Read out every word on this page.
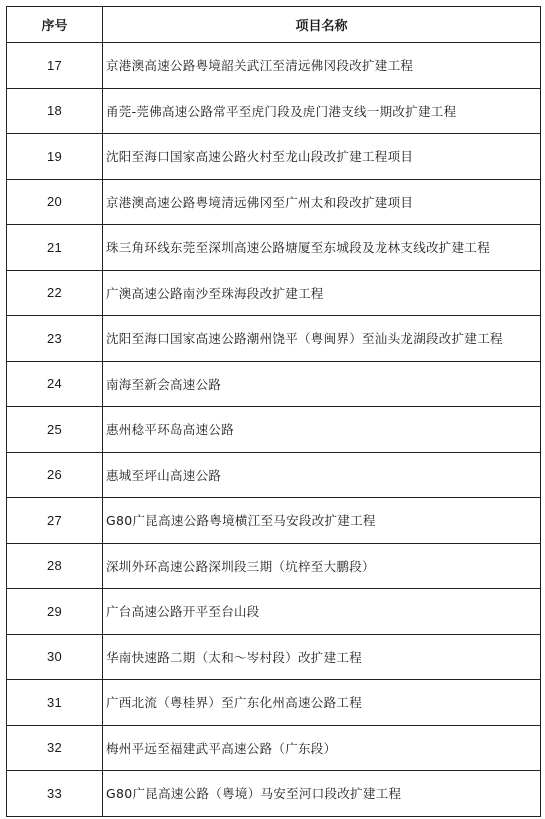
序号	项目名称
17	京港澳高速公路粤境韶关武江至清远佛冈段改扩建工程
18	甬莞-莞佛高速公路常平至虎门段及虎门港支线一期改扩建工程
19	沈阳至海口国家高速公路火村至龙山段改扩建工程项目
20	京港澳高速公路粤境清远佛冈至广州太和段改扩建项目
21	珠三角环线东莞至深圳高速公路塘厦至东城段及龙林支线改扩建工程
22	广澳高速公路南沙至珠海段改扩建工程
23	沈阳至海口国家高速公路潮州饶平（粤闽界）至汕头龙湖段改扩建工程
24	南海至新会高速公路
25	惠州稔平环岛高速公路
26	惠城至坪山高速公路
27	G80广昆高速公路粤境横江至马安段改扩建工程
28	深圳外环高速公路深圳段三期（坑梓至大鹏段）
29	广台高速公路开平至台山段
30	华南快速路二期（太和～岑村段）改扩建工程
31	广西北流（粤桂界）至广东化州高速公路工程
32	梅州平远至福建武平高速公路（广东段）
33	G80广昆高速公路（粤境）马安至河口段改扩建工程
